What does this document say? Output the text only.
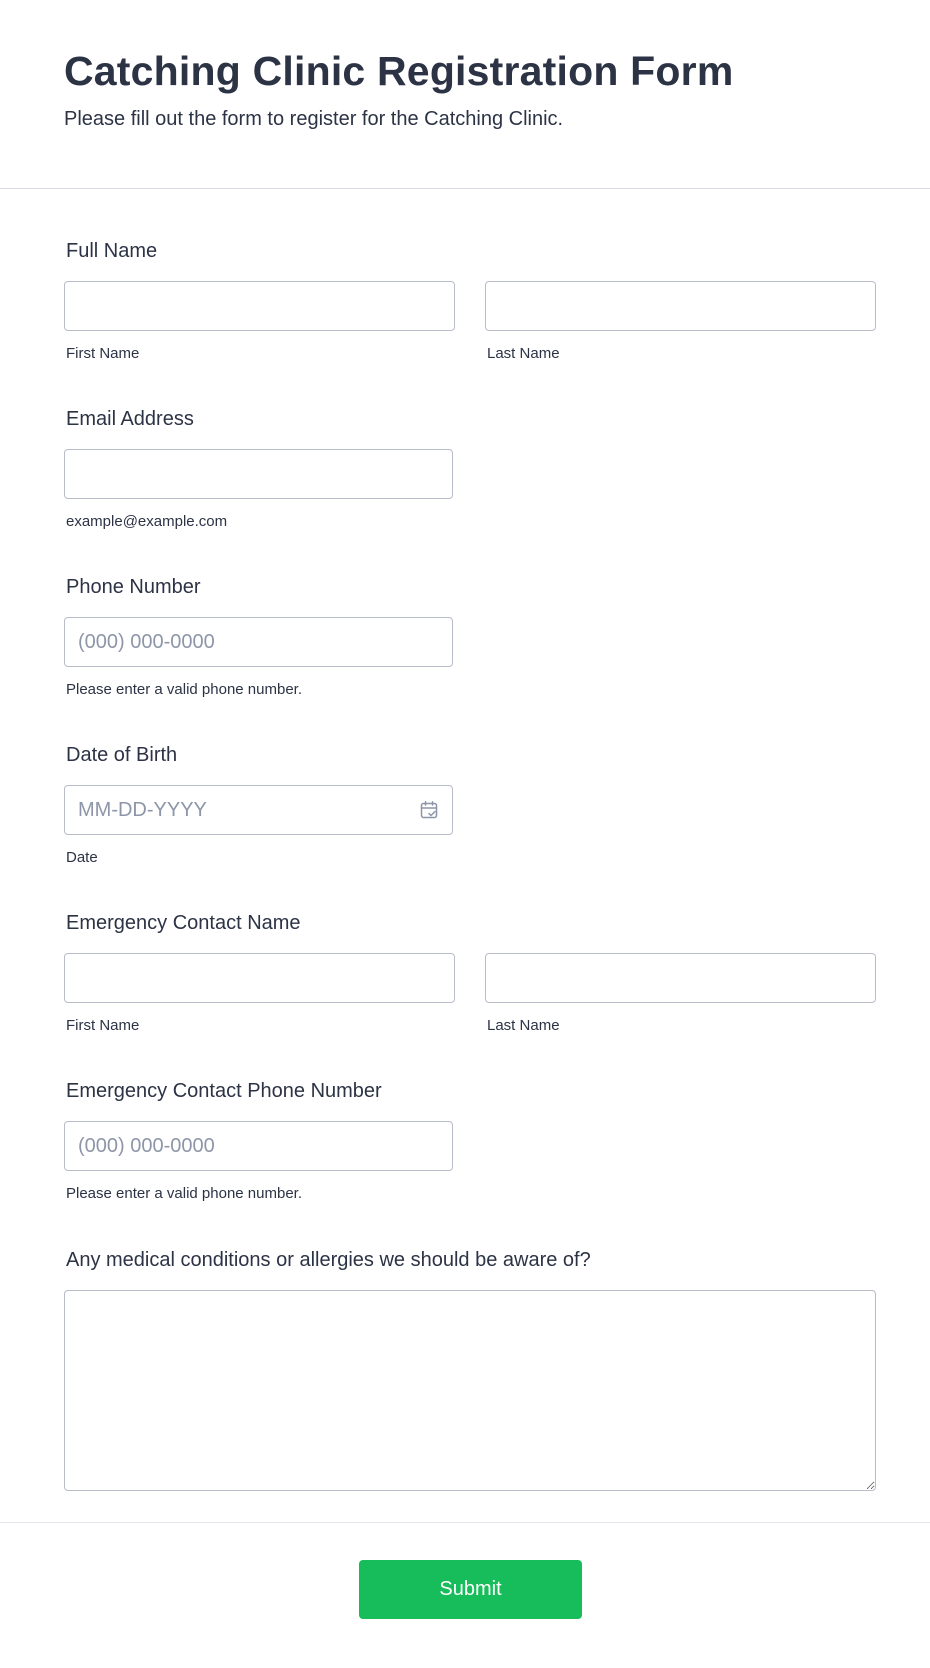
Catching Clinic Registration Form

Please fill out the form to register for the Catching Clinic.

Full Name
First Name	Last Name
Email Address
example@example.com
Phone Number
(000) 000-0000
Please enter a valid phone number.
Date of Birth
MM-DD-YYYY
Date
Emergency Contact Name
First Name	Last Name
Emergency Contact Phone Number
(000) 000-0000
Please enter a valid phone number.
Any medical conditions or allergies we should be aware of?
Submit
